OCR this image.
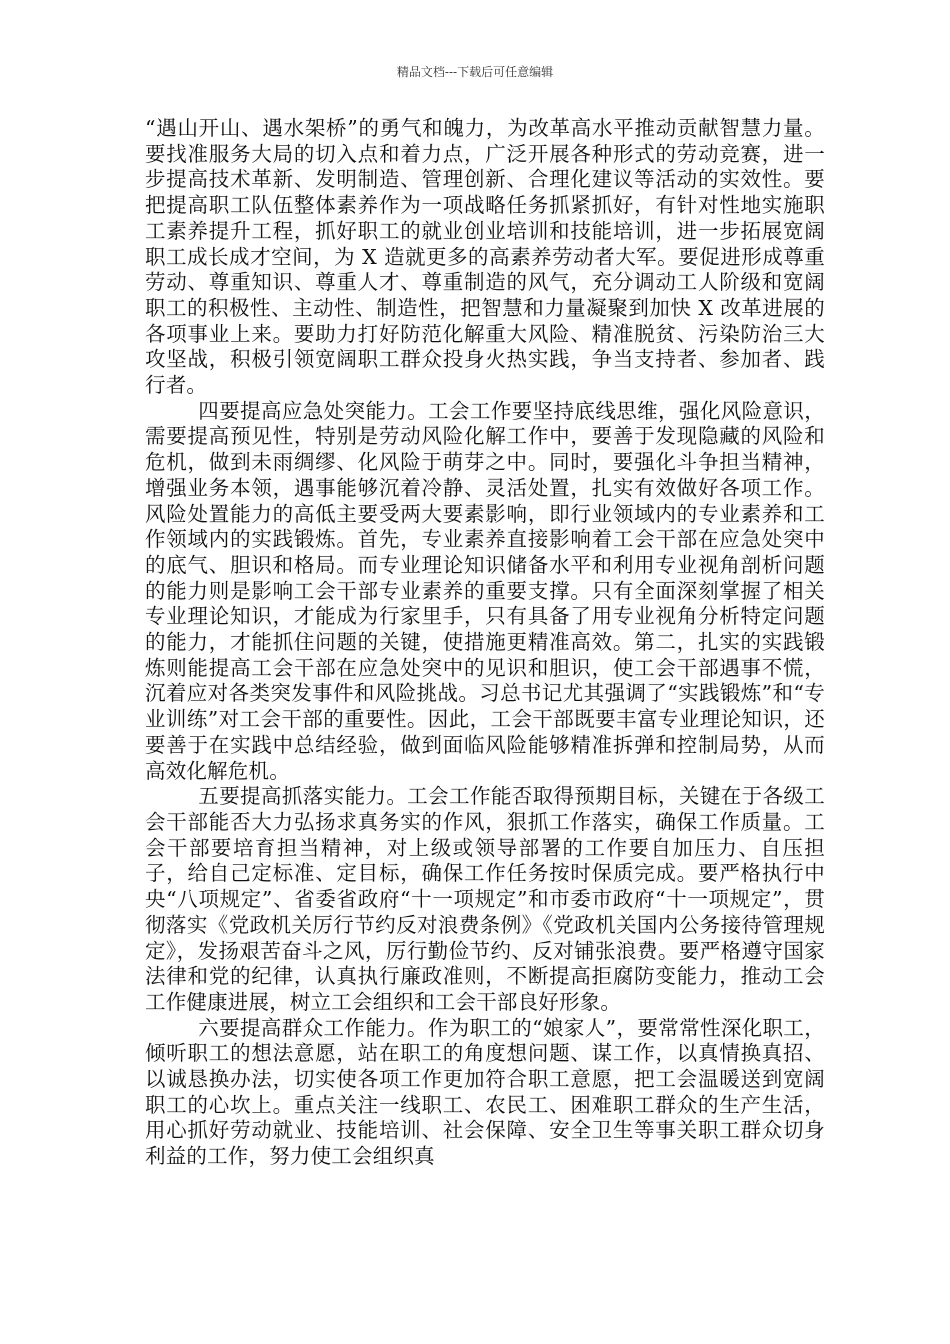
精品文档---下载后可任意编辑

“遇山开山、遇水架桥”的勇气和魄力，为改革高水平推动贡献智慧力量。要找准服务大局的切入点和着力点，广泛开展各种形式的劳动竞赛，进一步提高技术革新、发明制造、管理创新、合理化建议等活动的实效性。要把提高职工队伍整体素养作为一项战略任务抓紧抓好，有针对性地实施职工素养提升工程，抓好职工的就业创业培训和技能培训，进一步拓展宽阔职工成长成才空间，为 X 造就更多的高素养劳动者大军。要促进形成尊重劳动、尊重知识、尊重人才、尊重制造的风气，充分调动工人阶级和宽阔职工的积极性、主动性、制造性，把智慧和力量凝聚到加快 X 改革进展的各项事业上来。要助力打好防范化解重大风险、精准脱贫、污染防治三大攻坚战，积极引领宽阔职工群众投身火热实践，争当支持者、参加者、践行者。

四要提高应急处突能力。工会工作要坚持底线思维，强化风险意识，需要提高预见性，特别是劳动风险化解工作中，要善于发现隐藏的风险和危机，做到未雨绸缪、化风险于萌芽之中。同时，要强化斗争担当精神，增强业务本领，遇事能够沉着冷静、灵活处置，扎实有效做好各项工作。风险处置能力的高低主要受两大要素影响，即行业领域内的专业素养和工作领域内的实践锻炼。首先，专业素养直接影响着工会干部在应急处突中的底气、胆识和格局。而专业理论知识储备水平和利用专业视角剖析问题的能力则是影响工会干部专业素养的重要支撑。只有全面深刻掌握了相关专业理论知识，才能成为行家里手，只有具备了用专业视角分析特定问题的能力，才能抓住问题的关键，使措施更精准高效。第二，扎实的实践锻炼则能提高工会干部在应急处突中的见识和胆识，使工会干部遇事不慌，沉着应对各类突发事件和风险挑战。习总书记尤其强调了“实践锻炼”和“专业训练”对工会干部的重要性。因此，工会干部既要丰富专业理论知识，还要善于在实践中总结经验，做到面临风险能够精准拆弹和控制局势，从而高效化解危机。

五要提高抓落实能力。工会工作能否取得预期目标，关键在于各级工会干部能否大力弘扬求真务实的作风，狠抓工作落实，确保工作质量。工会干部要培育担当精神，对上级或领导部署的工作要自加压力、自压担子，给自己定标准、定目标，确保工作任务按时保质完成。要严格执行中央“八项规定”、省委省政府“十一项规定”和市委市政府“十一项规定”，贯彻落实《党政机关厉行节约反对浪费条例》《党政机关国内公务接待管理规定》，发扬艰苦奋斗之风，厉行勤俭节约、反对铺张浪费。要严格遵守国家法律和党的纪律，认真执行廉政准则，不断提高拒腐防变能力，推动工会工作健康进展，树立工会组织和工会干部良好形象。

六要提高群众工作能力。作为职工的“娘家人”，要常常性深化职工，倾听职工的想法意愿，站在职工的角度想问题、谋工作，以真情换真招、以诚恳换办法，切实使各项工作更加符合职工意愿，把工会温暖送到宽阔职工的心坎上。重点关注一线职工、农民工、困难职工群众的生产生活，用心抓好劳动就业、技能培训、社会保障、安全卫生等事关职工群众切身利益的工作，努力使工会组织真
